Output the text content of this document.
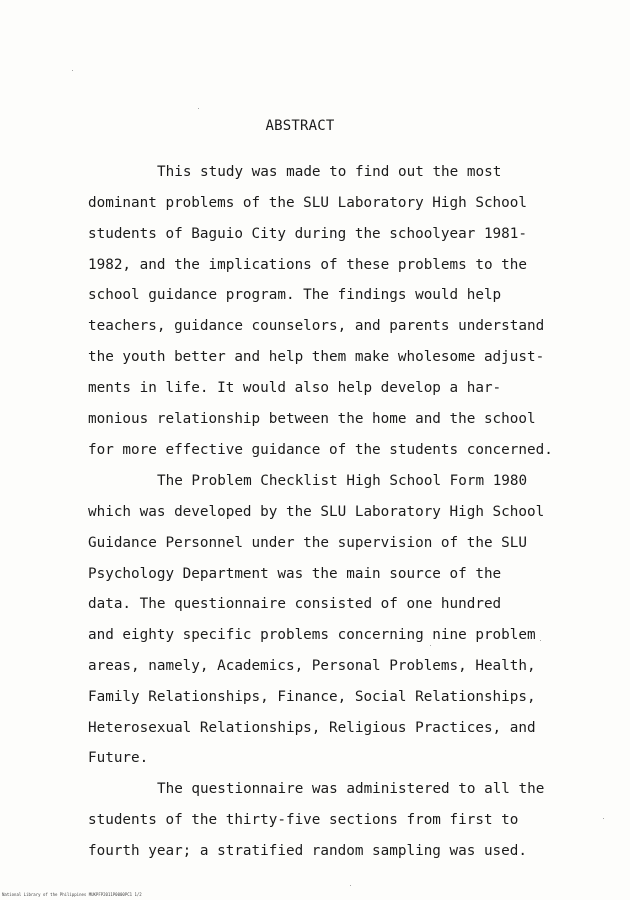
ABSTRACT
This study was made to find out the most
dominant problems of the SLU Laboratory High School
students of Baguio City during the schoolyear 1981-
1982, and the implications of these problems to the
school guidance program. The findings would help
teachers, guidance counselors, and parents understand
the youth better and help them make wholesome adjust-
ments in life. It would also help develop a har-
monious relationship between the home and the school
for more effective guidance of the students concerned.
The Problem Checklist High School Form 1980
which was developed by the SLU Laboratory High School
Guidance Personnel under the supervision of the SLU
Psychology Department was the main source of the
data. The questionnaire consisted of one hundred
and eighty specific problems concerning nine problem
areas, namely, Academics, Personal Problems, Health,
Family Relationships, Finance, Social Relationships,
Heterosexual Relationships, Religious Practices, and
Future.
The questionnaire was administered to all the
students of the thirty-five sections from first to
fourth year; a stratified random sampling was used.
National Library of the Philippines MUKPFP2011P0000PC1 1/2
